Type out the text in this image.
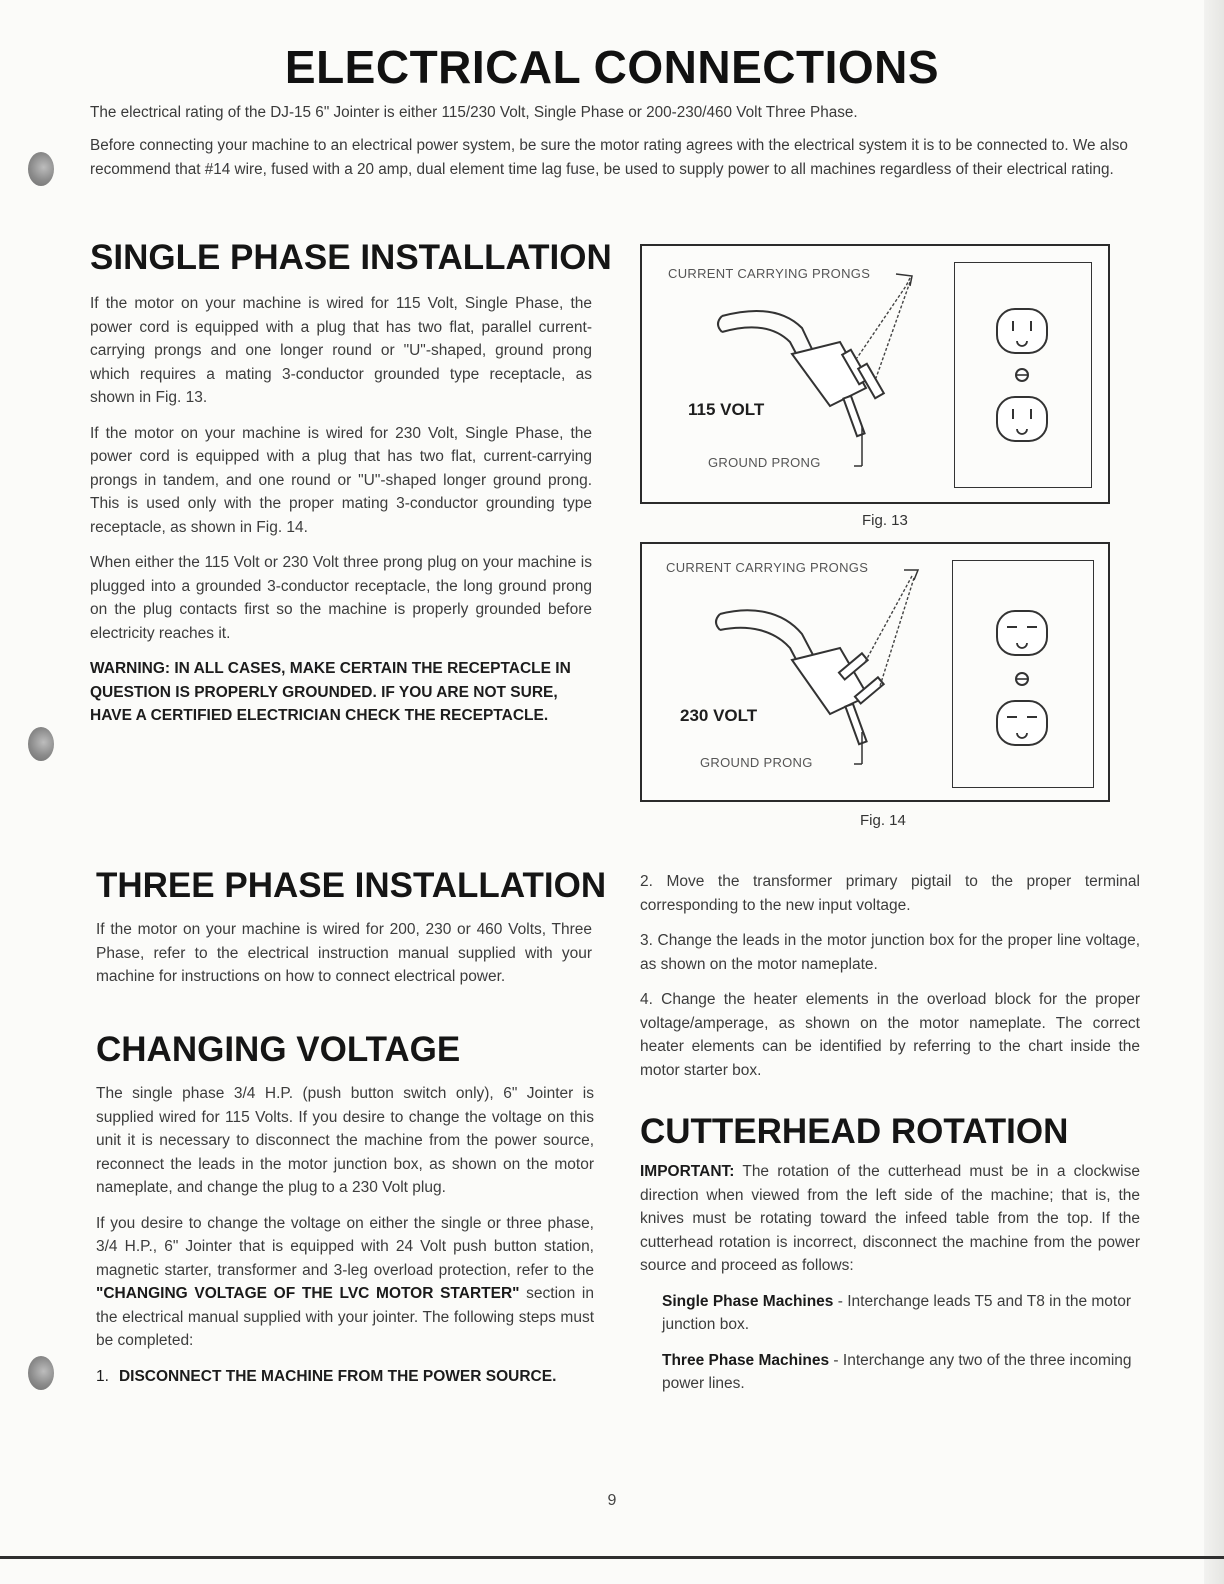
ELECTRICAL CONNECTIONS

The electrical rating of the DJ-15 6" Jointer is either 115/230 Volt, Single Phase or 200-230/460 Volt Three Phase.

Before connecting your machine to an electrical power system, be sure the motor rating agrees with the electrical system it is to be connected to. We also recommend that #14 wire, fused with a 20 amp, dual element time lag fuse, be used to supply power to all machines regardless of their electrical rating.

SINGLE PHASE INSTALLATION

If the motor on your machine is wired for 115 Volt, Single Phase, the power cord is equipped with a plug that has two flat, parallel current-carrying prongs and one longer round or "U"-shaped, ground prong which requires a mating 3-conductor grounded type receptacle, as shown in Fig. 13.

If the motor on your machine is wired for 230 Volt, Single Phase, the power cord is equipped with a plug that has two flat, current-carrying prongs in tandem, and one round or "U"-shaped longer ground prong. This is used only with the proper mating 3-conductor grounding type receptacle, as shown in Fig. 14.

When either the 115 Volt or 230 Volt three prong plug on your machine is plugged into a grounded 3-conductor receptacle, the long ground prong on the plug contacts first so the machine is properly grounded before electricity reaches it.

WARNING: IN ALL CASES, MAKE CERTAIN THE RECEPTACLE IN QUESTION IS PROPERLY GROUNDED. IF YOU ARE NOT SURE, HAVE A CERTIFIED ELECTRICIAN CHECK THE RECEPTACLE.

CURRENT CARRYING PRONGS
115 VOLT
GROUND PRONG
Fig. 13
CURRENT CARRYING PRONGS
230 VOLT
GROUND PRONG
Fig. 14
THREE PHASE INSTALLATION

If the motor on your machine is wired for 200, 230 or 460 Volts, Three Phase, refer to the electrical instruction manual supplied with your machine for instructions on how to connect electrical power.

CHANGING VOLTAGE

The single phase 3/4 H.P. (push button switch only), 6" Jointer is supplied wired for 115 Volts. If you desire to change the voltage on this unit it is necessary to disconnect the machine from the power source, reconnect the leads in the motor junction box, as shown on the motor nameplate, and change the plug to a 230 Volt plug.

If you desire to change the voltage on either the single or three phase, 3/4 H.P., 6" Jointer that is equipped with 24 Volt push button station, magnetic starter, transformer and 3-leg overload protection, refer to the "CHANGING VOLTAGE OF THE LVC MOTOR STARTER" section in the electrical manual supplied with your jointer. The following steps must be completed:

1. DISCONNECT THE MACHINE FROM THE POWER SOURCE.

2. Move the transformer primary pigtail to the proper terminal corresponding to the new input voltage.

3. Change the leads in the motor junction box for the proper line voltage, as shown on the motor nameplate.

4. Change the heater elements in the overload block for the proper voltage/amperage, as shown on the motor nameplate. The correct heater elements can be identified by referring to the chart inside the motor starter box.

CUTTERHEAD ROTATION

IMPORTANT: The rotation of the cutterhead must be in a clockwise direction when viewed from the left side of the machine; that is, the knives must be rotating toward the infeed table from the top. If the cutterhead rotation is incorrect, disconnect the machine from the power source and proceed as follows:

Single Phase Machines - Interchange leads T5 and T8 in the motor junction box.

Three Phase Machines - Interchange any two of the three incoming power lines.

9
